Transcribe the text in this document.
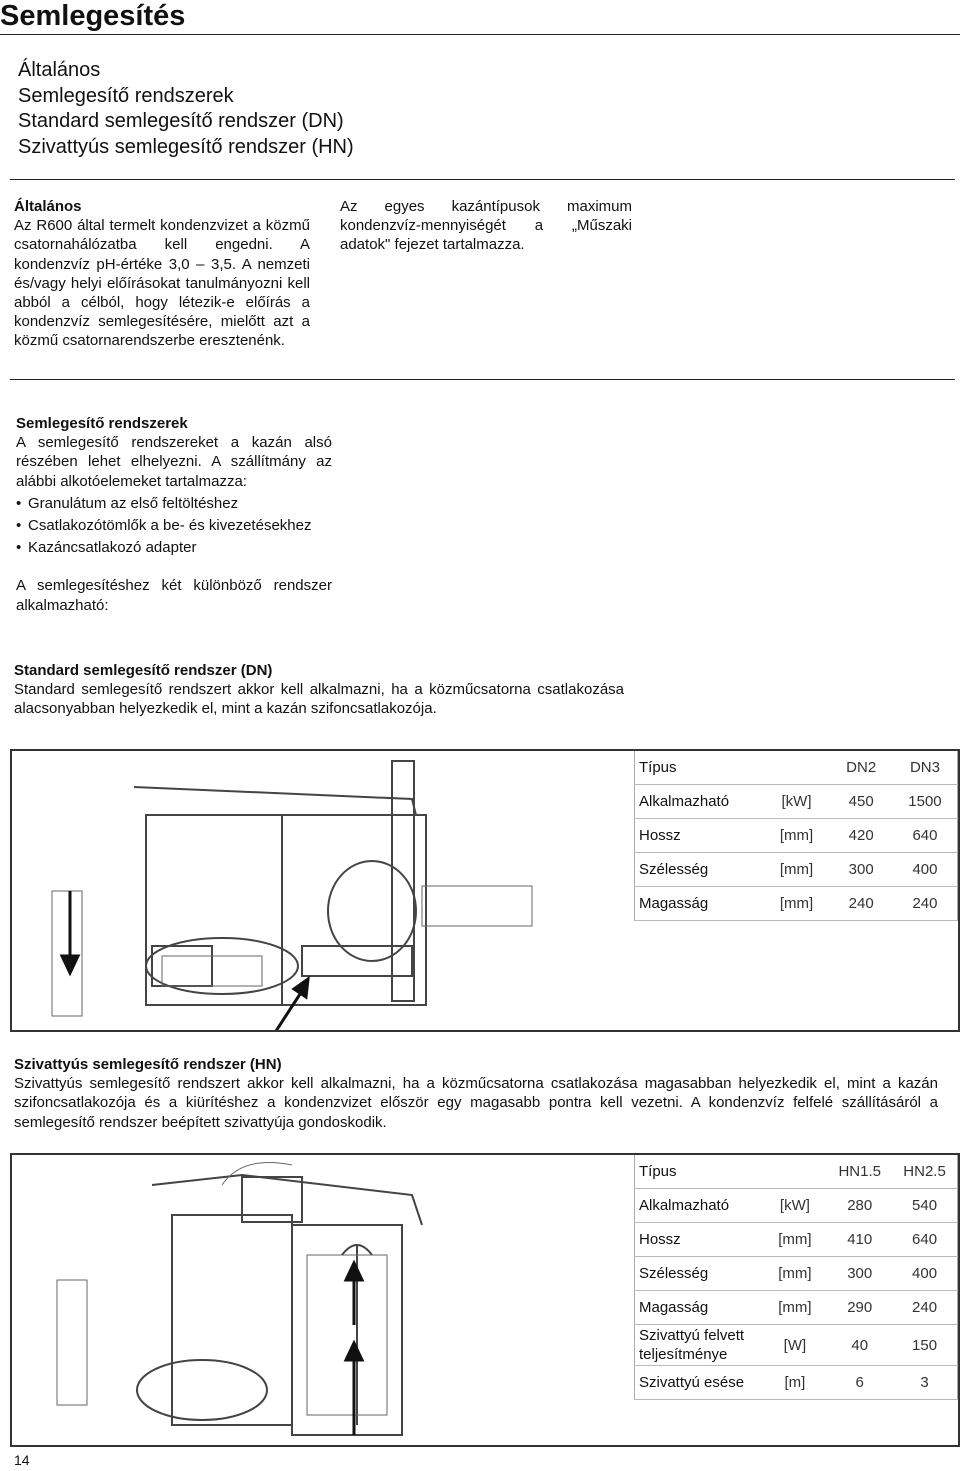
Semlegesítés
Általános
Semlegesítő rendszerek
Standard semlegesítő rendszer (DN)
Szivattyús semlegesítő rendszer (HN)
Általános
Az R600 által termelt kondenzvizet a közmű csatornahálózatba kell engedni. A kondenzvíz pH-értéke 3,0 – 3,5. A nemzeti és/vagy helyi előírásokat tanulmányozni kell abból a célból, hogy létezik-e előírás a kondenzvíz semlegesítésére, mielőtt azt a közmű csatornarendszerbe eresztenénk.
Az egyes kazántípusok maximum kondenzvíz-mennyiségét a „Műszaki adatok" fejezet tartalmazza.
Semlegesítő rendszerek
A semlegesítő rendszereket a kazán alsó részében lehet elhelyezni. A szállítmány az alábbi alkotóelemeket tartalmazza:
• Granulátum az első feltöltéshez
• Csatlakozótömlők a be- és kivezetésekhez
• Kazáncsatlakozó adapter
A semlegesítéshez két különböző rendszer alkalmazható:
Standard semlegesítő rendszer (DN)
Standard semlegesítő rendszert akkor kell alkalmazni, ha a közműcsatorna csatlakozása alacsonyabban helyezkedik el, mint a kazán szifoncsatlakozója.
Típus		DN2	DN3
Alkalmazható	[kW]	450	1500
Hossz	[mm]	420	640
Szélesség	[mm]	300	400
Magasság	[mm]	240	240
Szivattyús semlegesítő rendszer (HN)
Szivattyús semlegesítő rendszert akkor kell alkalmazni, ha a közműcsatorna csatlakozása magasabban helyezkedik el, mint a kazán szifoncsatlakozója és a kiürítéshez a kondenzvizet először egy magasabb pontra kell vezetni. A kondenzvíz felfelé szállításáról a semlegesítő rendszer beépített szivattyúja gondoskodik.
Típus		HN1.5	HN2.5
Alkalmazható	[kW]	280	540
Hossz	[mm]	410	640
Szélesség	[mm]	300	400
Magasság	[mm]	290	240
Szivattyú felvett teljesítménye	[W]	40	150
Szivattyú esése	[m]	6	3
14
